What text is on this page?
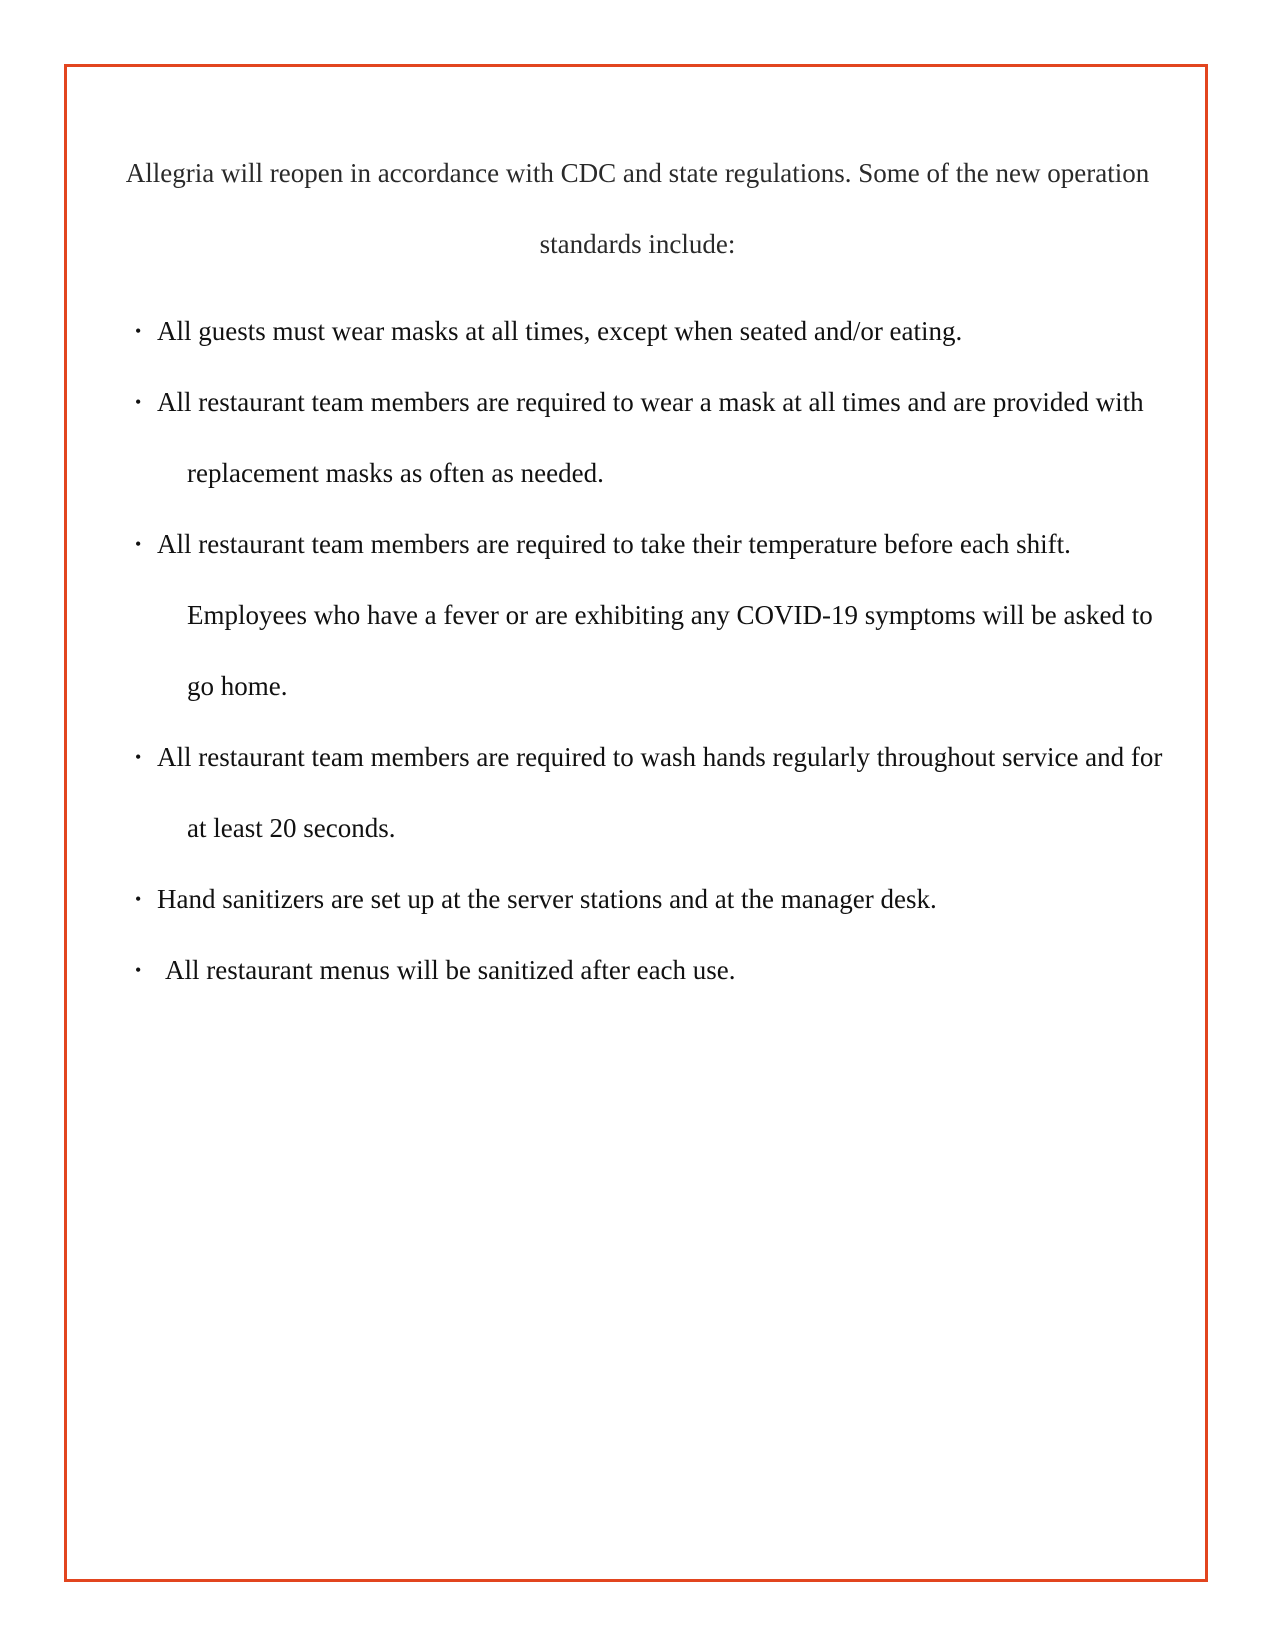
Allegria will reopen in accordance with CDC and state regulations. Some of the new operation standards include:

• All guests must wear masks at all times, except when seated and/or eating.
• All restaurant team members are required to wear a mask at all times and are provided with replacement masks as often as needed.
• All restaurant team members are required to take their temperature before each shift. Employees who have a fever or are exhibiting any COVID-19 symptoms will be asked to go home.
• All restaurant team members are required to wash hands regularly throughout service and for at least 20 seconds.
• Hand sanitizers are set up at the server stations and at the manager desk.
• All restaurant menus will be sanitized after each use.
